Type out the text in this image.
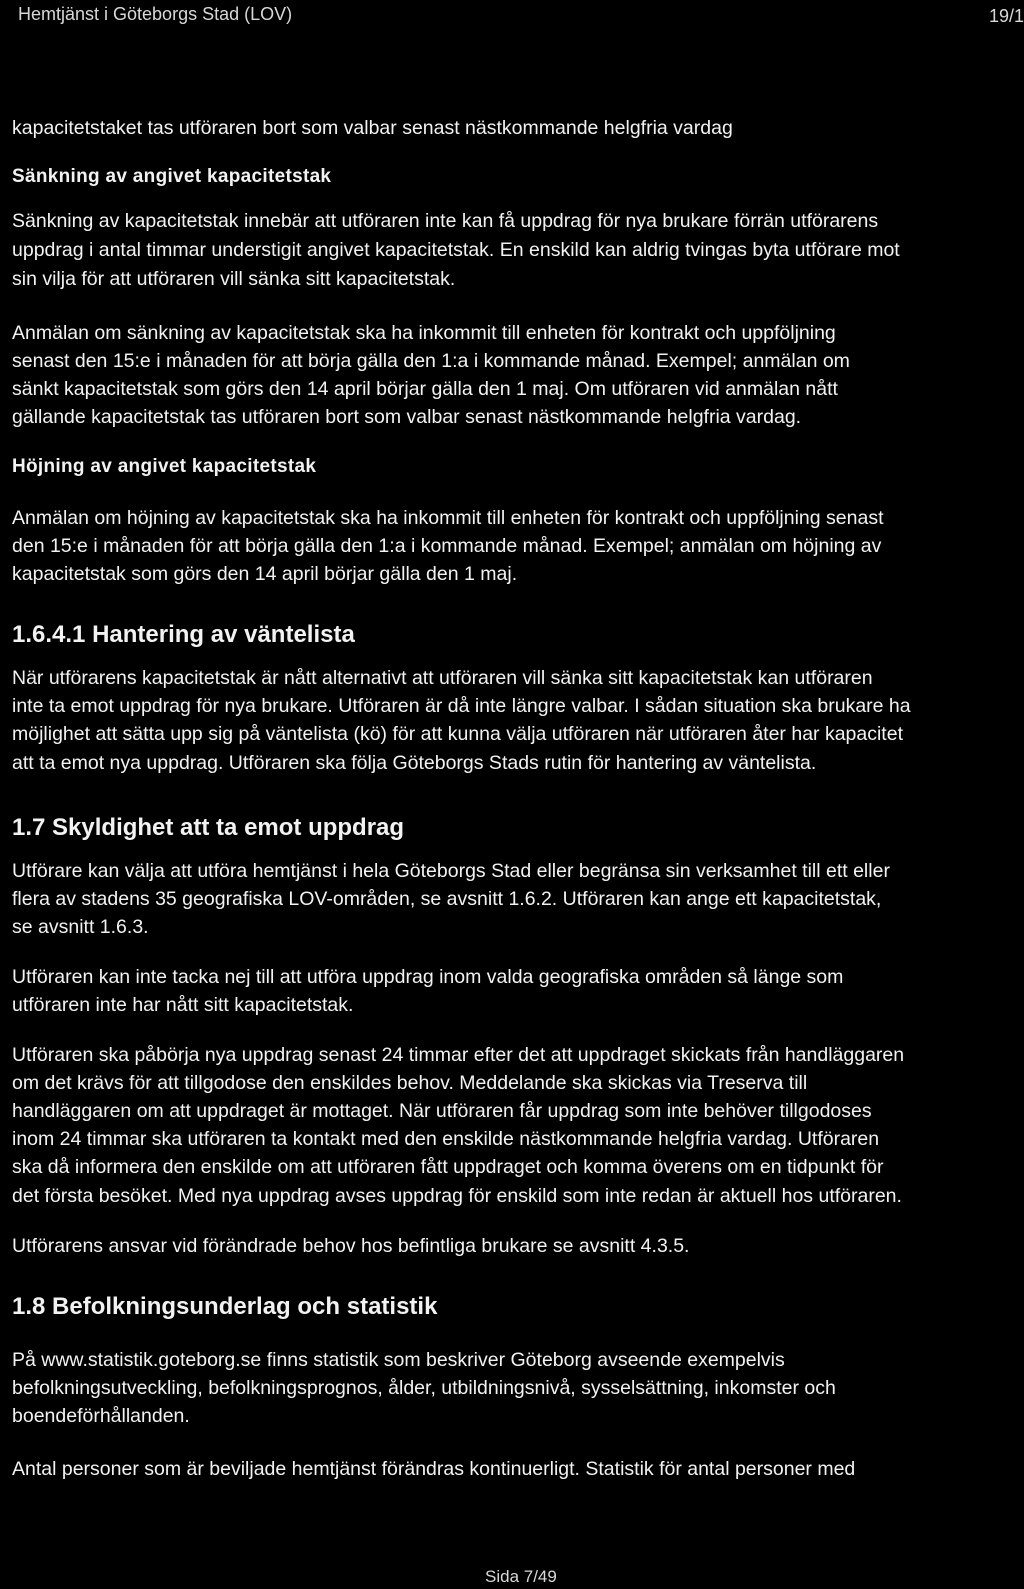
Hemtjänst i Göteborgs Stad (LOV)	19/1
kapacitetstaket tas utföraren bort som valbar senast nästkommande helgfria vardag
Sänkning av angivet kapacitetstak
Sänkning av kapacitetstak innebär att utföraren inte kan få uppdrag för nya brukare förrän utförarens
uppdrag i antal timmar understigit angivet kapacitetstak. En enskild kan aldrig tvingas byta utförare mot
sin vilja för att utföraren vill sänka sitt kapacitetstak.
Anmälan om sänkning av kapacitetstak ska ha inkommit till enheten för kontrakt och uppföljning
senast den 15:e i månaden för att börja gälla den 1:a i kommande månad. Exempel; anmälan om
sänkt kapacitetstak som görs den 14 april börjar gälla den 1 maj. Om utföraren vid anmälan nått
gällande kapacitetstak tas utföraren bort som valbar senast nästkommande helgfria vardag.
Höjning av angivet kapacitetstak
Anmälan om höjning av kapacitetstak ska ha inkommit till enheten för kontrakt och uppföljning senast
den 15:e i månaden för att börja gälla den 1:a i kommande månad. Exempel; anmälan om höjning av
kapacitetstak som görs den 14 april börjar gälla den 1 maj.
1.6.4.1 Hantering av väntelista
När utförarens kapacitetstak är nått alternativt att utföraren vill sänka sitt kapacitetstak kan utföraren
inte ta emot uppdrag för nya brukare. Utföraren är då inte längre valbar. I sådan situation ska brukare ha
möjlighet att sätta upp sig på väntelista (kö) för att kunna välja utföraren när utföraren åter har kapacitet
att ta emot nya uppdrag. Utföraren ska följa Göteborgs Stads rutin för hantering av väntelista.
1.7 Skyldighet att ta emot uppdrag
Utförare kan välja att utföra hemtjänst i hela Göteborgs Stad eller begränsa sin verksamhet till ett eller
flera av stadens 35 geografiska LOV-områden, se avsnitt 1.6.2. Utföraren kan ange ett kapacitetstak,
se avsnitt 1.6.3.
Utföraren kan inte tacka nej till att utföra uppdrag inom valda geografiska områden så länge som
utföraren inte har nått sitt kapacitetstak.
Utföraren ska påbörja nya uppdrag senast 24 timmar efter det att uppdraget skickats från handläggaren
om det krävs för att tillgodose den enskildes behov. Meddelande ska skickas via Treserva till
handläggaren om att uppdraget är mottaget. När utföraren får uppdrag som inte behöver tillgodoses
inom 24 timmar ska utföraren ta kontakt med den enskilde nästkommande helgfria vardag. Utföraren
ska då informera den enskilde om att utföraren fått uppdraget och komma överens om en tidpunkt för
det första besöket. Med nya uppdrag avses uppdrag för enskild som inte redan är aktuell hos utföraren.
Utförarens ansvar vid förändrade behov hos befintliga brukare se avsnitt 4.3.5.
1.8 Befolkningsunderlag och statistik
På www.statistik.goteborg.se finns statistik som beskriver Göteborg avseende exempelvis
befolkningsutveckling, befolkningsprognos, ålder, utbildningsnivå, sysselsättning, inkomster och
boendeförhållanden.
Antal personer som är beviljade hemtjänst förändras kontinuerligt. Statistik för antal personer med
Sida 7/49
